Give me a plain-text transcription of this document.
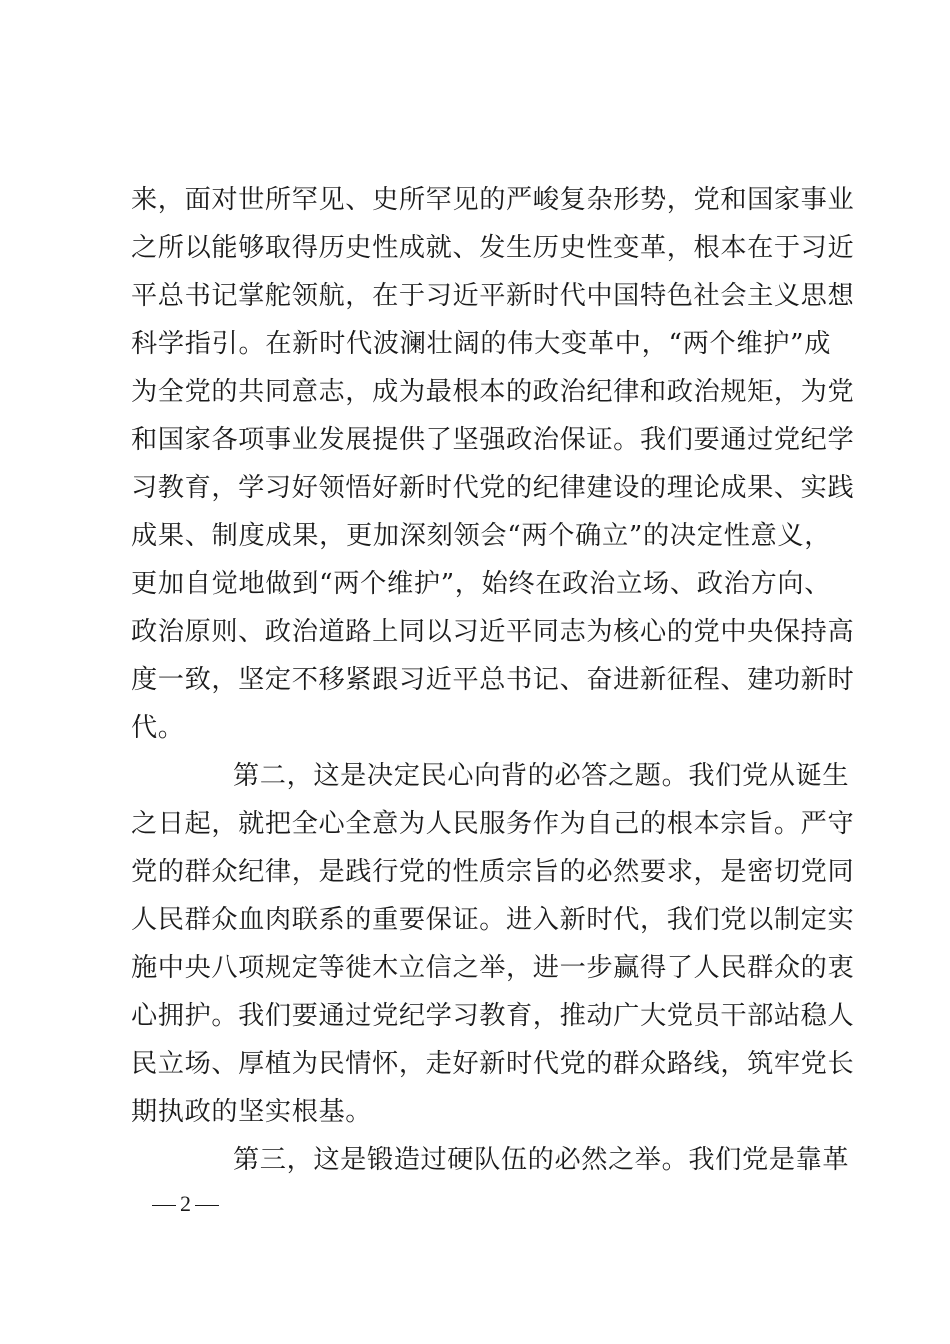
来，面对世所罕见、史所罕见的严峻复杂形势，党和国家事业
之所以能够取得历史性成就、发生历史性变革，根本在于习近
平总书记掌舵领航，在于习近平新时代中国特色社会主义思想
科学指引。在新时代波澜壮阔的伟大变革中，“两个维护”成
为全党的共同意志，成为最根本的政治纪律和政治规矩，为党
和国家各项事业发展提供了坚强政治保证。我们要通过党纪学
习教育，学习好领悟好新时代党的纪律建设的理论成果、实践
成果、制度成果，更加深刻领会“两个确立”的决定性意义，
更加自觉地做到“两个维护”，始终在政治立场、政治方向、
政治原则、政治道路上同以习近平同志为核心的党中央保持高
度一致，坚定不移紧跟习近平总书记、奋进新征程、建功新时
代。
第二，这是决定民心向背的必答之题。我们党从诞生
之日起，就把全心全意为人民服务作为自己的根本宗旨。严守
党的群众纪律，是践行党的性质宗旨的必然要求，是密切党同
人民群众血肉联系的重要保证。进入新时代，我们党以制定实
施中央八项规定等徙木立信之举，进一步赢得了人民群众的衷
心拥护。我们要通过党纪学习教育，推动广大党员干部站稳人
民立场、厚植为民情怀，走好新时代党的群众路线，筑牢党长
期执政的坚实根基。
第三，这是锻造过硬队伍的必然之举。我们党是靠革
2
